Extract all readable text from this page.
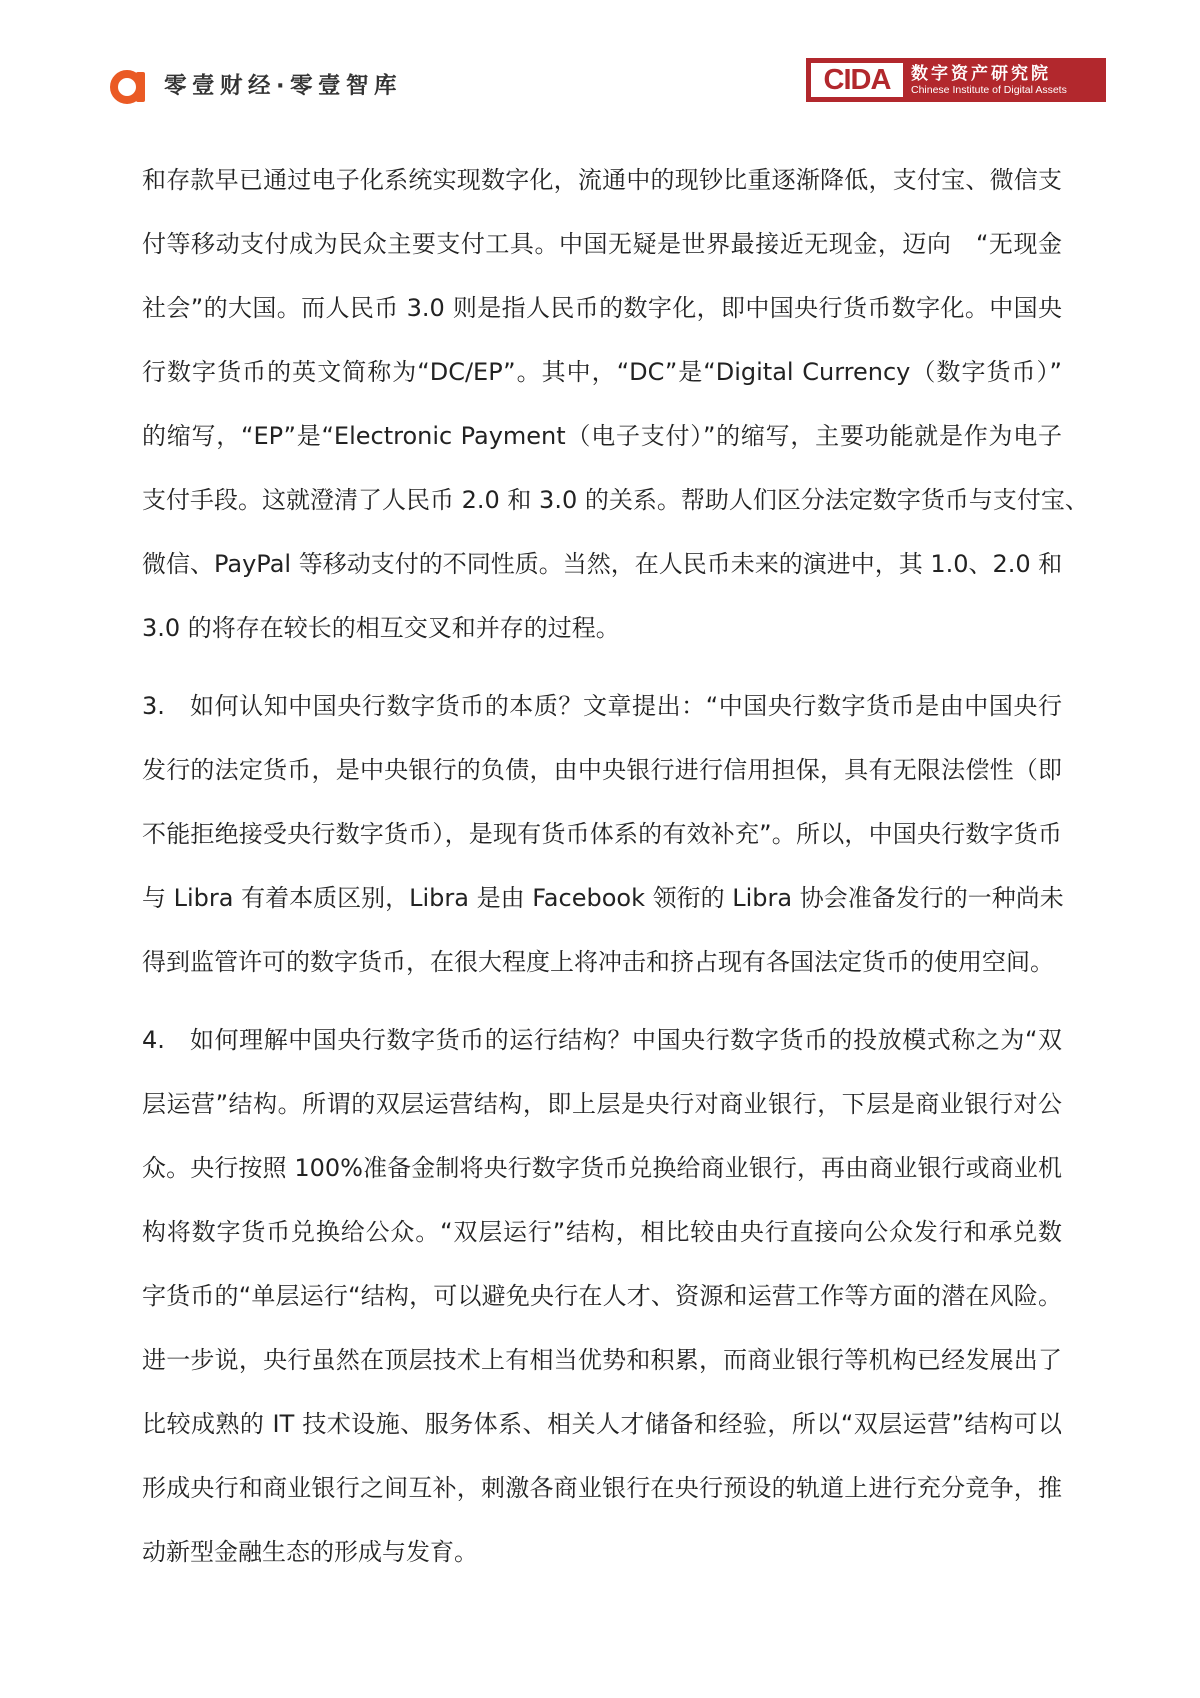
零壹财经·零壹智库	CIDA	数字资产研究院
Chinese Institute of Digital Assets
和存款早已通过电子化系统实现数字化，流通中的现钞比重逐渐降低，支付宝、微信支
付等移动支付成为民众主要支付工具。中国无疑是世界最接近无现金，迈向　“无现金
社会”的大国。而人民币 3.0 则是指人民币的数字化，即中国央行货币数字化。中国央
行数字货币的英文简称为“DC/EP”。其中，“DC”是“Digital Currency（数字货币）”
的缩写，“EP”是“Electronic Payment（电子支付）”的缩写，主要功能就是作为电子
支付手段。这就澄清了人民币 2.0 和 3.0 的关系。帮助人们区分法定数字货币与支付宝、
微信、PayPal 等移动支付的不同性质。当然，在人民币未来的演进中，其 1.0、2.0 和
3.0 的将存在较长的相互交叉和并存的过程。
3.　如何认知中国央行数字货币的本质？文章提出：“中国央行数字货币是由中国央行
发行的法定货币，是中央银行的负债，由中央银行进行信用担保，具有无限法偿性（即
不能拒绝接受央行数字货币），是现有货币体系的有效补充”。所以，中国央行数字货币
与 Libra 有着本质区别，Libra 是由 Facebook 领衔的 Libra 协会准备发行的一种尚未
得到监管许可的数字货币，在很大程度上将冲击和挤占现有各国法定货币的使用空间。
4.　如何理解中国央行数字货币的运行结构？中国央行数字货币的投放模式称之为“双
层运营”结构。所谓的双层运营结构，即上层是央行对商业银行，下层是商业银行对公
众。央行按照 100%准备金制将央行数字货币兑换给商业银行，再由商业银行或商业机
构将数字货币兑换给公众。“双层运行”结构，相比较由央行直接向公众发行和承兑数
字货币的“单层运行“结构，可以避免央行在人才、资源和运营工作等方面的潜在风险。
进一步说，央行虽然在顶层技术上有相当优势和积累，而商业银行等机构已经发展出了
比较成熟的 IT 技术设施、服务体系、相关人才储备和经验，所以“双层运营”结构可以
形成央行和商业银行之间互补，刺激各商业银行在央行预设的轨道上进行充分竞争，推
动新型金融生态的形成与发育。
